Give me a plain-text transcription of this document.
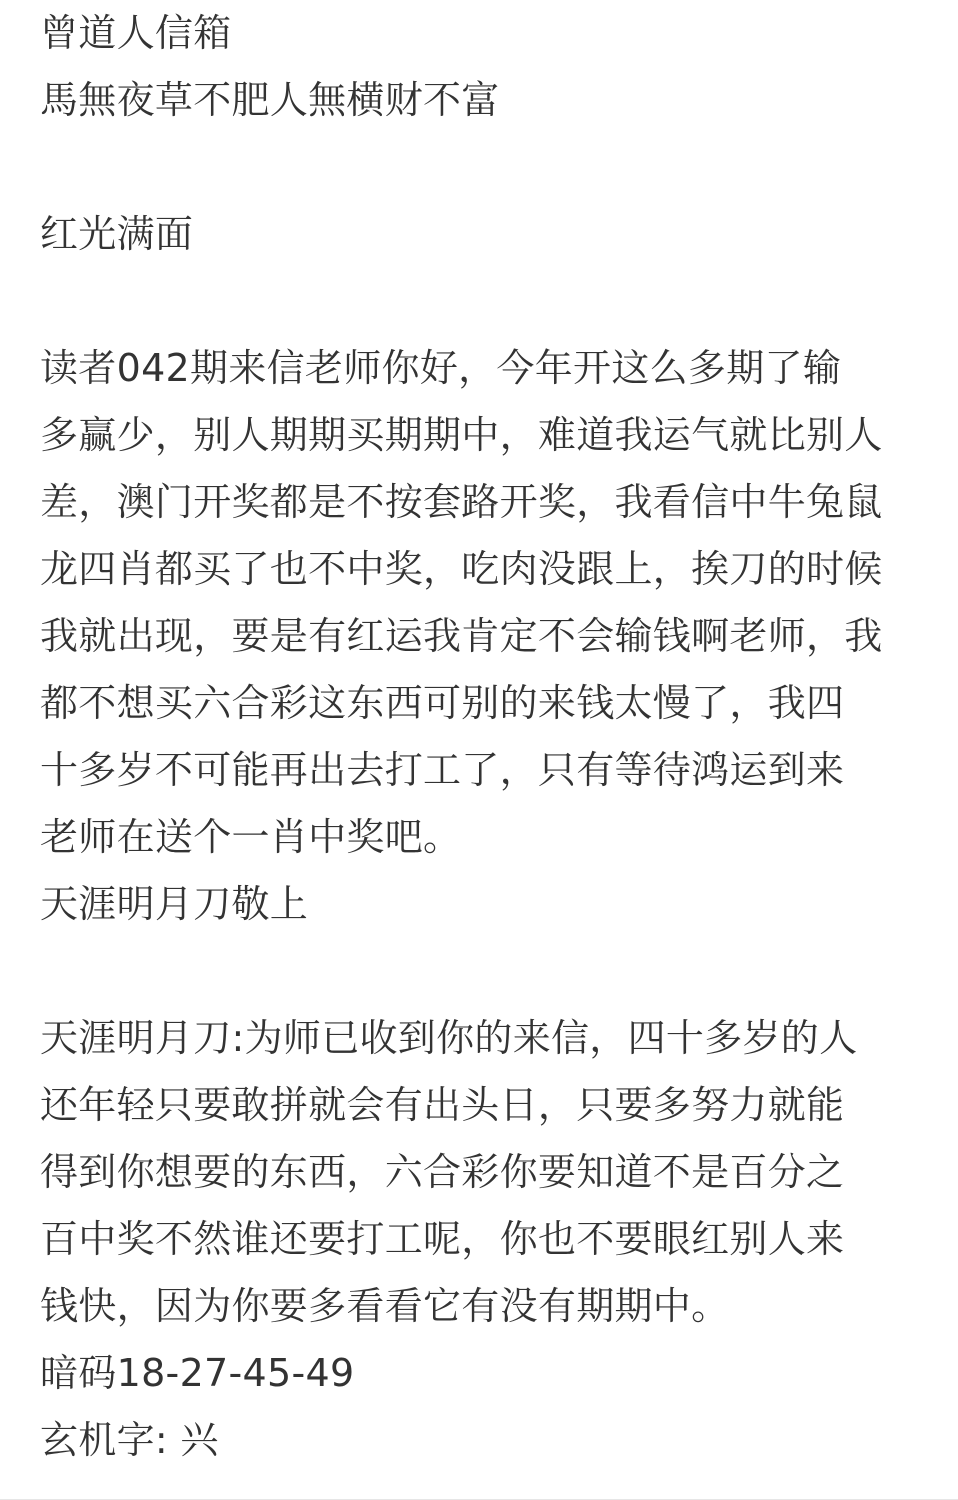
曾道人信箱
馬無夜草不肥人無横财不富
红光满面
读者042期来信老师你好，今年开这么多期了输
多赢少，别人期期买期期中，难道我运气就比别人
差，澳门开奖都是不按套路开奖，我看信中牛兔鼠
龙四肖都买了也不中奖，吃肉没跟上，挨刀的时候
我就出现，要是有红运我肯定不会输钱啊老师，我
都不想买六合彩这东西可别的来钱太慢了，我四
十多岁不可能再出去打工了，只有等待鸿运到来
老师在送个一肖中奖吧。
天涯明月刀敬上
天涯明月刀:为师已收到你的来信，四十多岁的人
还年轻只要敢拼就会有出头日，只要多努力就能
得到你想要的东西，六合彩你要知道不是百分之
百中奖不然谁还要打工呢，你也不要眼红别人来
钱快，因为你要多看看它有没有期期中。
暗码18-27-45-49
玄机字: 兴
